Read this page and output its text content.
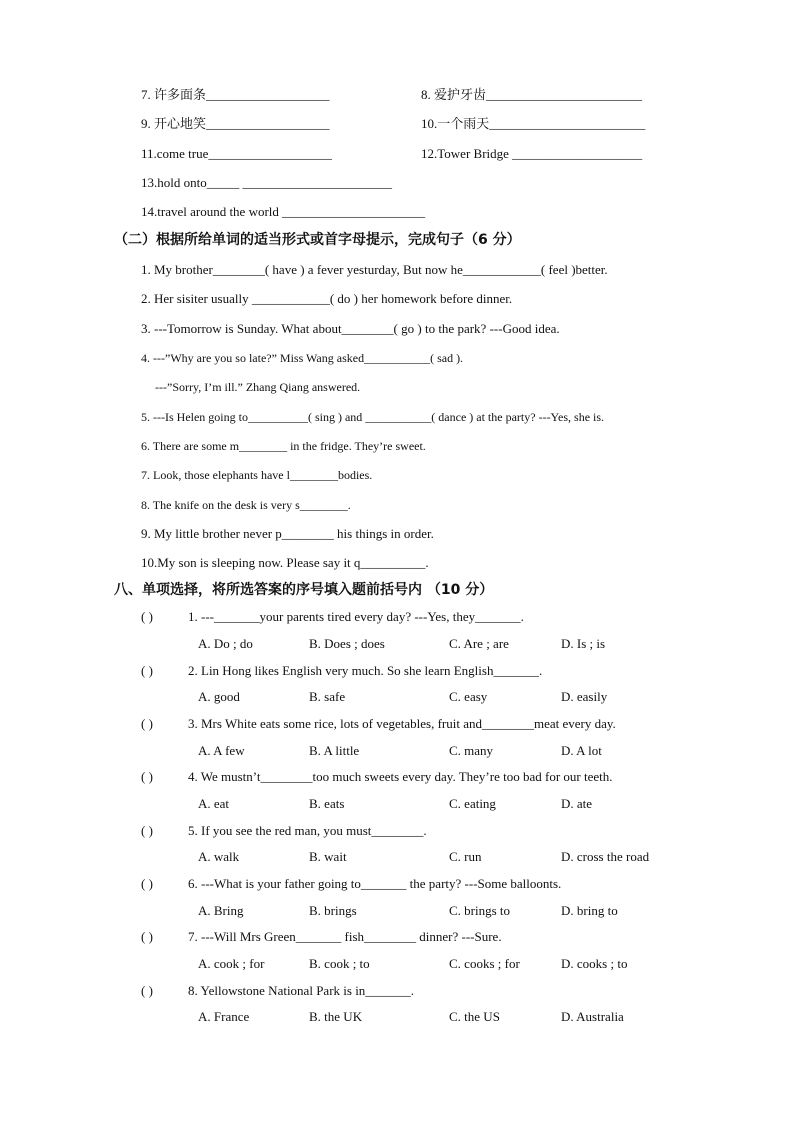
7. 许多面条___________________	8. 爱护牙齿________________________
9. 开心地笑___________________	10.一个雨天________________________
11.come true___________________	12.Tower Bridge ____________________
13.hold onto_____ _______________________
14.travel around the world ______________________
（二）根据所给单词的适当形式或首字母提示，完成句子（6 分）
1. My brother________( have ) a fever yesturday, But now he____________( feel )better.
2. Her sisiter usually ____________( do ) her homework before dinner.
3. ---Tomorrow is Sunday. What about________( go ) to the park? ---Good idea.
4. ---”Why are you so late?” Miss Wang asked___________( sad ).
---”Sorry, I’m ill.” Zhang Qiang answered.
5. ---Is Helen going to__________( sing ) and ___________( dance ) at the party? ---Yes, she is.
6. There are some m________ in the fridge. They’re sweet.
7. Look, those elephants have l________bodies.
8. The knife on the desk is very s________.
9. My little brother never p________ his things in order.
10.My son is sleeping now. Please say it q__________.
八、单项选择，将所选答案的序号填入题前括号内 （10 分）
( )	1. ---_______your parents tired every day? ---Yes, they_______.
A. Do ; do	B. Does ; does	C. Are ; are	D. Is ; is
( )	2. Lin Hong likes English very much. So she learn English_______.
A. good	B. safe	C. easy	D. easily
( )	3. Mrs White eats some rice, lots of vegetables, fruit and________meat every day.
A. A few	B. A little	C. many	D. A lot
( )	4. We mustn’t________too much sweets every day. They’re too bad for our teeth.
A. eat	B. eats	C. eating	D. ate
( )	5. If you see the red man, you must________.
A. walk	B. wait	C. run	D. cross the road
( )	6. ---What is your father going to_______ the party? ---Some balloonts.
A. Bring	B. brings	C. brings to	D. bring to
( )	7. ---Will Mrs Green_______ fish________ dinner? ---Sure.
A. cook ; for	B. cook ; to	C. cooks ; for	D. cooks ; to
( )	8. Yellowstone National Park is in_______.
A. France	B. the UK	C. the US	D. Australia
